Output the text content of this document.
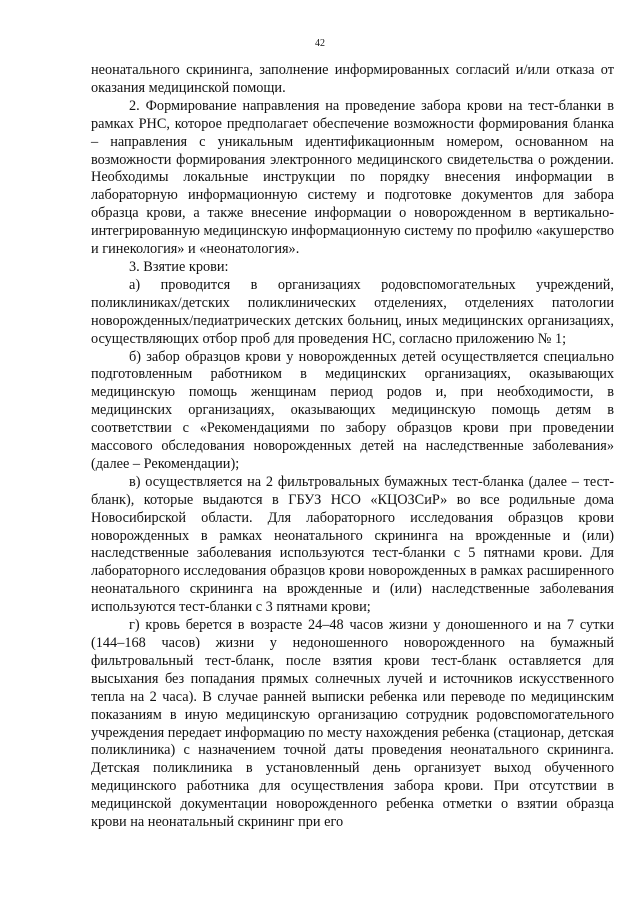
42

неонатального скрининга, заполнение информированных согласий и/или отказа от оказания медицинской помощи.

2. Формирование направления на проведение забора крови на тест-бланки в рамках РНС, которое предполагает обеспечение возможности формирования бланка – направления с уникальным идентификационным номером, основанном на возможности формирования электронного медицинского свидетельства о рождении. Необходимы локальные инструкции по порядку внесения информации в лабораторную информационную систему и подготовке документов для забора образца крови, а также внесение информации о новорожденном в вертикально-интегрированную медицинскую информационную систему по профилю «акушерство и гинекология» и «неонатология».

3. Взятие крови:

а) проводится в организациях родовспомогательных учреждений, поликлиниках/детских поликлинических отделениях, отделениях патологии новорожденных/педиатрических детских больниц, иных медицинских организациях, осуществляющих отбор проб для проведения НС, согласно приложению № 1;

б) забор образцов крови у новорожденных детей осуществляется специально подготовленным работником в медицинских организациях, оказывающих медицинскую помощь женщинам период родов и, при необходимости, в медицинских организациях, оказывающих медицинскую помощь детям в соответствии с «Рекомендациями по забору образцов крови при проведении массового обследования новорожденных детей на наследственные заболевания» (далее – Рекомендации);

в) осуществляется на 2 фильтровальных бумажных тест-бланка (далее – тест-бланк), которые выдаются в ГБУЗ НСО «КЦОЗСиР» во все родильные дома Новосибирской области. Для лабораторного исследования образцов крови новорожденных в рамках неонатального скрининга на врожденные и (или) наследственные заболевания используются тест-бланки с 5 пятнами крови. Для лабораторного исследования образцов крови новорожденных в рамках расширенного неонатального скрининга на врожденные и (или) наследственные заболевания используются тест-бланки с 3 пятнами крови;

г) кровь берется в возрасте 24–48 часов жизни у доношенного и на 7 сутки (144–168 часов) жизни у недоношенного новорожденного на бумажный фильтровальный тест-бланк, после взятия крови тест-бланк оставляется для высыхания без попадания прямых солнечных лучей и источников искусственного тепла на 2 часа). В случае ранней выписки ребенка или переводе по медицинским показаниям в иную медицинскую организацию сотрудник родовспомогательного учреждения передает информацию по месту нахождения ребенка (стационар, детская поликлиника) с назначением точной даты проведения неонатального скрининга. Детская поликлиника в установленный день организует выход обученного медицинского работника для осуществления забора крови. При отсутствии в медицинской документации новорожденного ребенка отметки о взятии образца крови на неонатальный скрининг при его
